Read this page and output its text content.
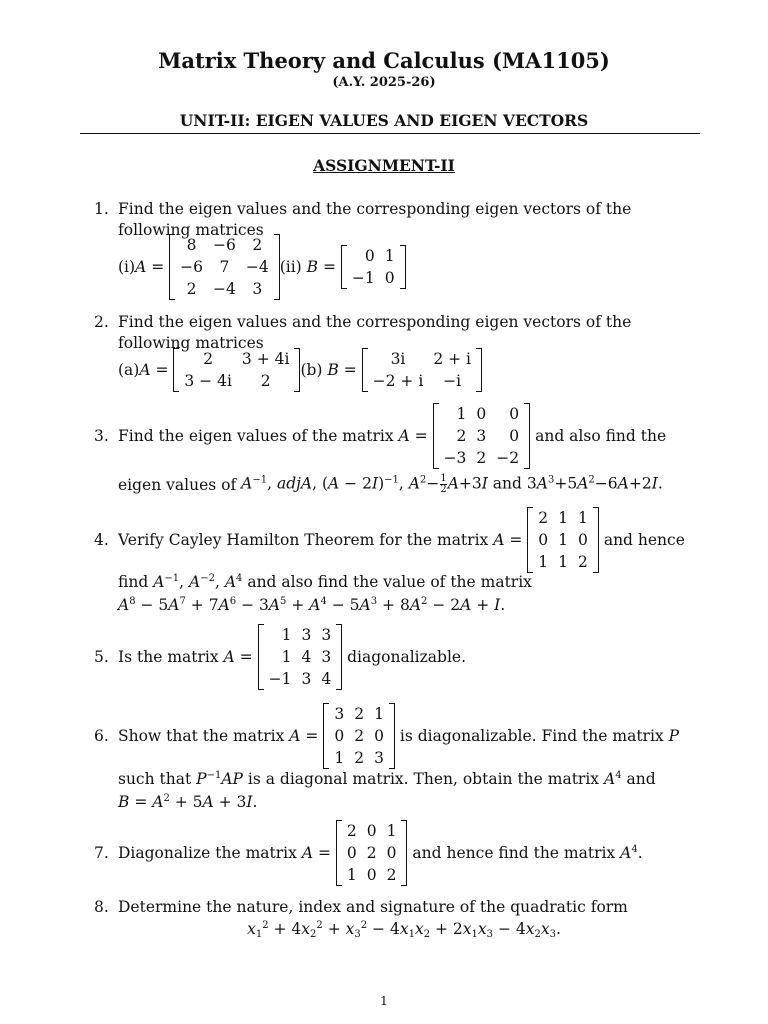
Matrix Theory and Calculus (MA1105)
(A.Y. 2025-26)
UNIT-II: EIGEN VALUES AND EIGEN VECTORS
ASSIGNMENT-II
1. Find the eigen values and the corresponding eigen vectors of the following matrices
(i) A =
8	−6	2
−6	7	−4
2	−4	3
(ii) B =
0	1
−1	0
2. Find the eigen values and the corresponding eigen vectors of the following matrices
(a) A =
2	3 + 4i
3 − 4i	2
(b) B =
3i	2 + i
−2 + i	−i
3. Find the eigen values of the matrix A =
1	0	0
2	3	0
−3	2	−2

and also find the
eigen values of $A^{-1}$, adjA, $(A - 2I)^{-1}$, $A^2- \frac{1}{2} A+3I$ and $3A^3+5A^2-6A+2I$.
4. Verify Cayley Hamilton Theorem for the matrix A =
2	1	1
0	1	0
1	1	2

and hence
find $A^{-1}$, $A^{-2}$, $A^4$ and also find the value of the matrix
$A^8 - 5A^7 + 7A^6 - 3A^5 + A^4 - 5A^3 + 8A^2 - 2A + I$.
5. Is the matrix A =
1	3	3
1	4	3
−1	3	4

diagonalizable.
6. Show that the matrix A =
3	2	1
0	2	0
1	2	3

is diagonalizable. Find the matrix P
such that $P^{-1}AP$ is a diagonal matrix. Then, obtain the matrix $A^4$ and
$B = A^2 + 5A + 3I$.
7. Diagonalize the matrix A =
2	0	1
0	2	0
1	0	2

and hence find the matrix $A^4$.
8. Determine the nature, index and signature of the quadratic form
$x_1^2 + 4x_2^2 + x_3^2 - 4x_1x_2 + 2x_1x_3 - 4x_2x_3$.
1
